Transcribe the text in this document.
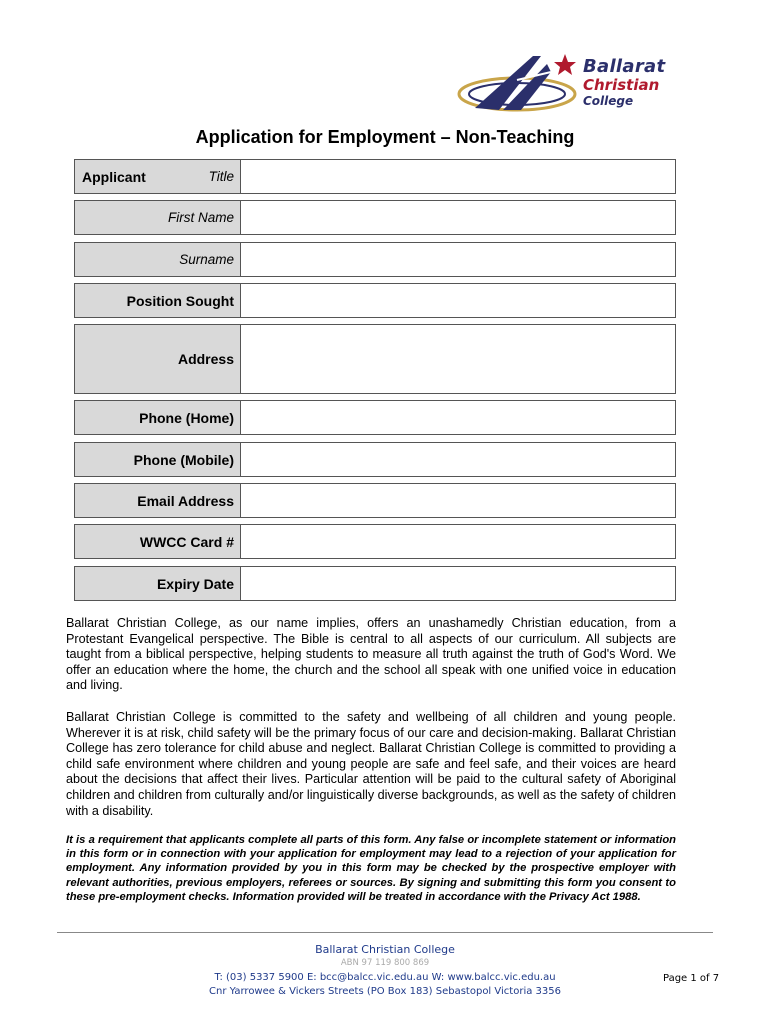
Ballarat
Christian
College
Application for Employment – Non-Teaching
Applicant	Title
First Name
Surname
Position Sought
Address
Phone (Home)
Phone (Mobile)
Email Address
WWCC Card #
Expiry Date

Ballarat Christian College, as our name implies, offers an unashamedly Christian education, from a Protestant Evangelical perspective. The Bible is central to all aspects of our curriculum. All subjects are taught from a biblical perspective, helping students to measure all truth against the truth of God's Word. We offer an education where the home, the church and the school all speak with one unified voice in education and living.

Ballarat Christian College is committed to the safety and wellbeing of all children and young people. Wherever it is at risk, child safety will be the primary focus of our care and decision-making. Ballarat Christian College has zero tolerance for child abuse and neglect. Ballarat Christian College is committed to providing a child safe environment where children and young people are safe and feel safe, and their voices are heard about the decisions that affect their lives. Particular attention will be paid to the cultural safety of Aboriginal children and children from culturally and/or linguistically diverse backgrounds, as well as the safety of children with a disability.

It is a requirement that applicants complete all parts of this form. Any false or incomplete statement or information in this form or in connection with your application for employment may lead to a rejection of your application for employment. Any information provided by you in this form may be checked by the prospective employer with relevant authorities, previous employers, referees or sources. By signing and submitting this form you consent to these pre-employment checks. Information provided will be treated in accordance with the Privacy Act 1988.

Ballarat Christian College
ABN 97 119 800 869
T: (03) 5337 5900 E: bcc@balcc.vic.edu.au W: www.balcc.vic.edu.au
Cnr Yarrowee & Vickers Streets (PO Box 183) Sebastopol Victoria 3356
Page 1 of 7
